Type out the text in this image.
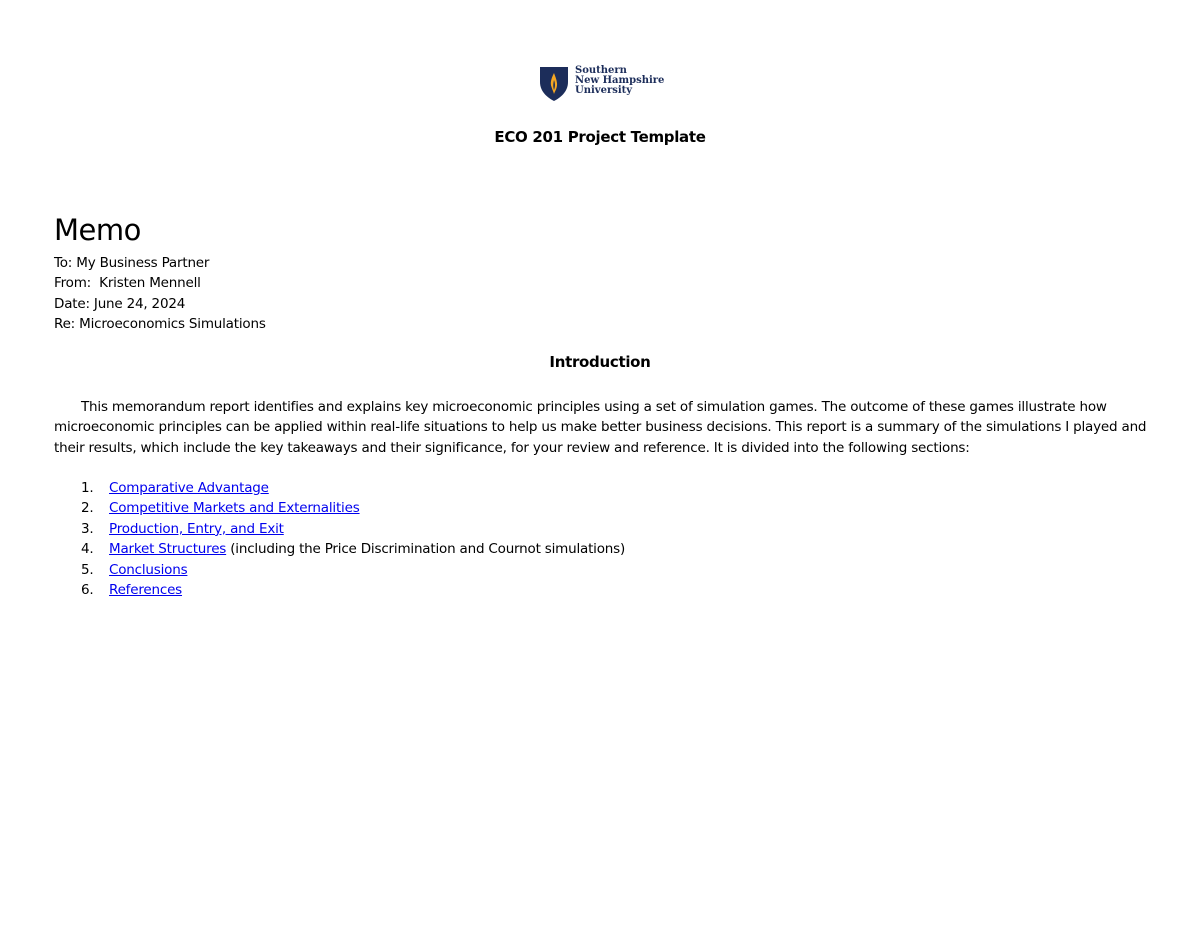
Southern
New Hampshire
University
ECO 201 Project Template
Memo
To: My Business Partner
From:  Kristen Mennell
Date: June 24, 2024
Re: Microeconomics Simulations
Introduction

This memorandum report identifies and explains key microeconomic principles using a set of simulation games. The outcome of these games illustrate how microeconomic principles can be applied within real-life situations to help us make better business decisions. This report is a summary of the simulations I played and their results, which include the key takeaways and their significance, for your review and reference. It is divided into the following sections:

1. Comparative Advantage
2. Competitive Markets and Externalities
3. Production, Entry, and Exit
4. Market Structures (including the Price Discrimination and Cournot simulations)
5. Conclusions
6. References
